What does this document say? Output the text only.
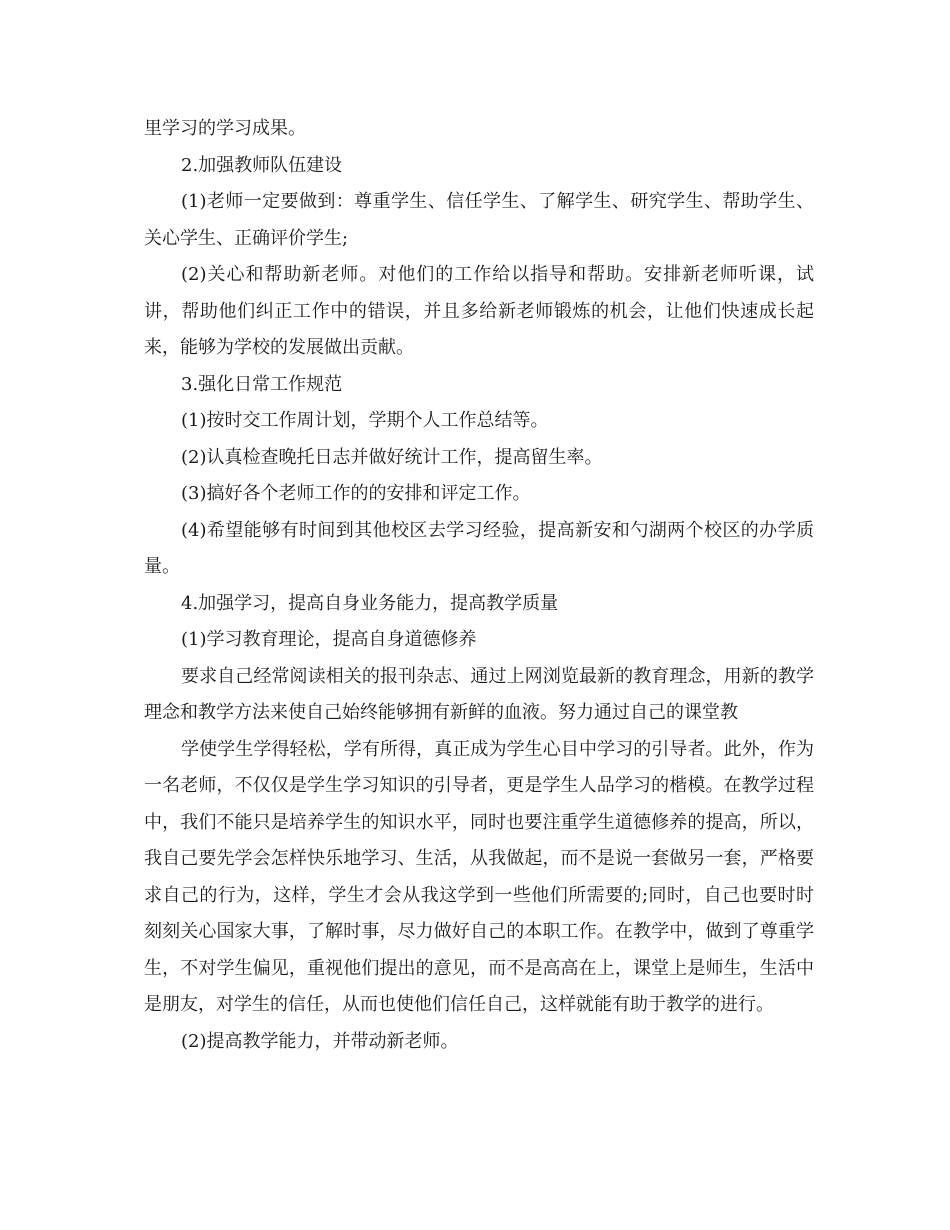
里学习的学习成果。

2.加强教师队伍建设

(1)老师一定要做到：尊重学生、信任学生、了解学生、研究学生、帮助学生、关心学生、正确评价学生;

(2)关心和帮助新老师。对他们的工作给以指导和帮助。安排新老师听课，试讲，帮助他们纠正工作中的错误，并且多给新老师锻炼的机会，让他们快速成长起来，能够为学校的发展做出贡献。

3.强化日常工作规范

(1)按时交工作周计划，学期个人工作总结等。

(2)认真检查晚托日志并做好统计工作，提高留生率。

(3)搞好各个老师工作的的安排和评定工作。

(4)希望能够有时间到其他校区去学习经验，提高新安和勺湖两个校区的办学质量。

4.加强学习，提高自身业务能力，提高教学质量

(1)学习教育理论，提高自身道德修养

要求自己经常阅读相关的报刊杂志、通过上网浏览最新的教育理念，用新的教学理念和教学方法来使自己始终能够拥有新鲜的血液。努力通过自己的课堂教

学使学生学得轻松，学有所得，真正成为学生心目中学习的引导者。此外，作为一名老师，不仅仅是学生学习知识的引导者，更是学生人品学习的楷模。在教学过程中，我们不能只是培养学生的知识水平，同时也要注重学生道德修养的提高，所以，我自己要先学会怎样快乐地学习、生活，从我做起，而不是说一套做另一套，严格要求自己的行为，这样，学生才会从我这学到一些他们所需要的;同时，自己也要时时刻刻关心国家大事，了解时事，尽力做好自己的本职工作。在教学中，做到了尊重学生，不对学生偏见，重视他们提出的意见，而不是高高在上，课堂上是师生，生活中是朋友，对学生的信任，从而也使他们信任自己，这样就能有助于教学的进行。

(2)提高教学能力，并带动新老师。
